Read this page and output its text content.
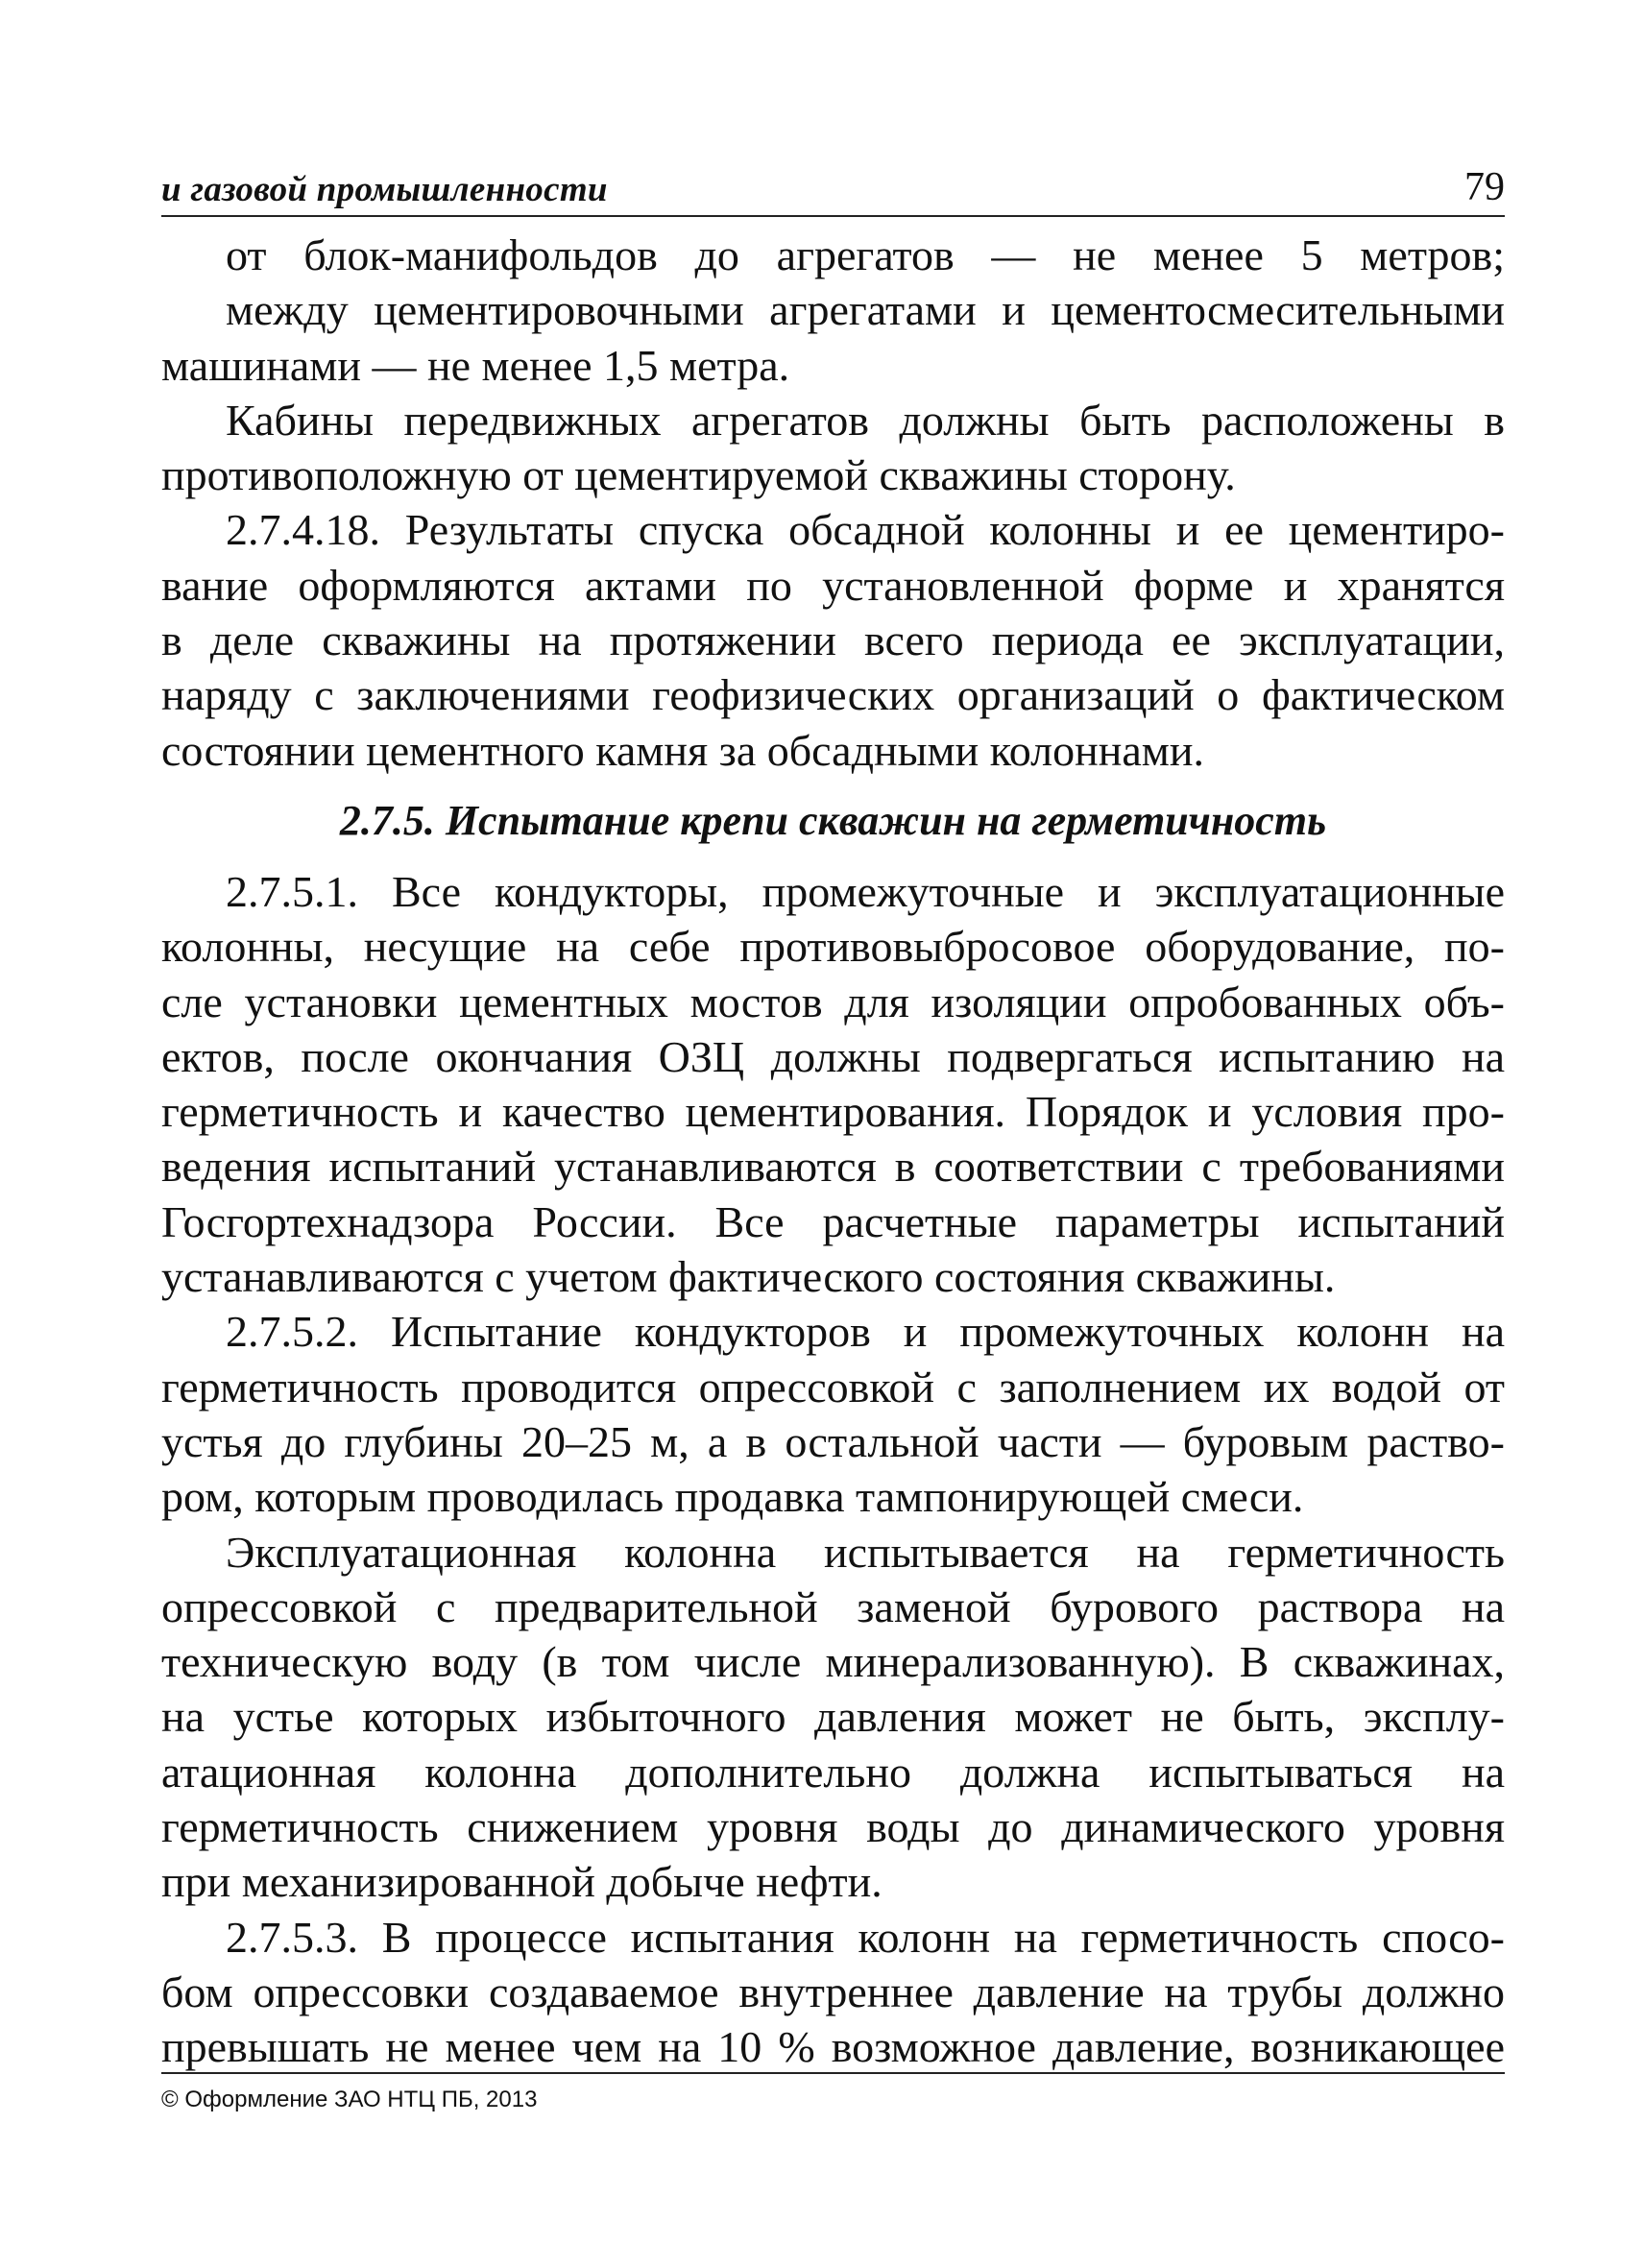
и газовой промышленности	79
от блок-манифольдов до агрегатов — не менее 5 метров;
между цементировочными агрегатами и цементосмесительными
машинами — не менее 1,5 метра.
Кабины передвижных агрегатов должны быть расположены в
противоположную от цементируемой скважины сторону.
2.7.4.18. Результаты спуска обсадной колонны и ее цементиро-
вание оформляются актами по установленной форме и хранятся
в деле скважины на протяжении всего периода ее эксплуатации,
наряду с заключениями геофизических организаций о фактическом
состоянии цементного камня за обсадными колоннами.
2.7.5. Испытание крепи скважин на герметичность
2.7.5.1. Все кондукторы, промежуточные и эксплуатационные
колонны, несущие на себе противовыбросовое оборудование, по-
сле установки цементных мостов для изоляции опробованных объ-
ектов, после окончания ОЗЦ должны подвергаться испытанию на
герметичность и качество цементирования. Порядок и условия про-
ведения испытаний устанавливаются в соответствии с требованиями
Госгортехнадзора России. Все расчетные параметры испытаний
устанавливаются с учетом фактического состояния скважины.
2.7.5.2. Испытание кондукторов и промежуточных колонн на
герметичность проводится опрессовкой с заполнением их водой от
устья до глубины 20–25 м, а в остальной части — буровым раство-
ром, которым проводилась продавка тампонирующей смеси.
Эксплуатационная колонна испытывается на герметичность
опрессовкой с предварительной заменой бурового раствора на
техническую воду (в том числе минерализованную). В скважинах,
на устье которых избыточного давления может не быть, эксплу-
атационная колонна дополнительно должна испытываться на
герметичность снижением уровня воды до динамического уровня
при механизированной добыче нефти.
2.7.5.3. В процессе испытания колонн на герметичность спосо-
бом опрессовки создаваемое внутреннее давление на трубы должно
превышать не менее чем на 10 % возможное давление, возникающее
© Оформление ЗАО НТЦ ПБ, 2013
